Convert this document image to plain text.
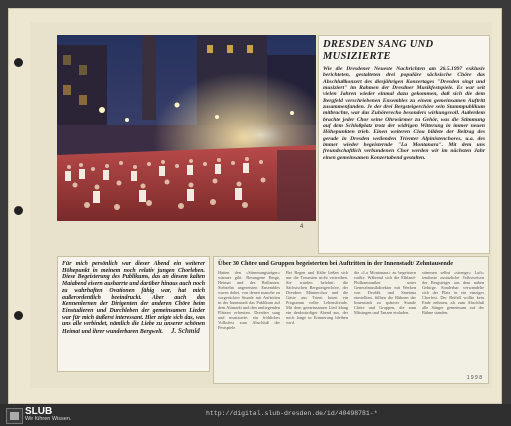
4

DRESDEN SANG UND MUSIZIERTE

Wie die Dresdener Neueste Nachrichten am 26.5.1997 exklusiv berichteten, gestalteten drei populäre sächsische Chöre das Abschlußkonzert des diesjährigen Konzertages "Dresden singt und musiziert" im Rahmen der Dresdner Musikfestspiele. Es war seit vielen Jahren wieder einmal dazu gekommen, daß sich die dem Bergfeld verschriebenen Ensembles zu einem gemeinsamen Auftritt zusammenfanden. Je der drei Bergsteigerchöre sein Stammpublikum mitbrachte, war das Zuhörerecho besonders wirkungsvoll. Außerdem brachte jeder Chor seine Ohrwürmer zu Gehör, was die Stimmung auf dem Schloßplatz trotz der widrigen Witterung in immer neuen Höhepunkten trieb. Einen weiteren Clou bildete der Beitrag des gerade in Dresden weilenden Trienter Alpinistenchores, u.a. des immer wieder begeisternde "La Montanara". Mit dem uns freundschaftlich verbundenen Chor werden wir im nächsten Jahr einen gemeinsamen Konzertabend gestalten.

Für mich persönlich war dieser Abend ein weiterer Höhepunkt in meinem noch relativ jungen Chorleben. Diese Begeisterung des Publikums, das an diesem kalten Maiabend eisern ausharrte und darüber hinaus auch noch zu wahrhaften Ovationen fähig war, hat mich außerordentlich beeindruckt. Aber auch das Kennenlernen der Dirigenten der anderen Chöre beim Einstudieren und Durchleben der gemeinsamen Lieder war für mich äußerst interessant. Hier zeigte sich das, was uns alle verbindet, nämlich die Liebe zu unserer schönen Heimat und ihrer wunderbaren Bergwelt. J. Schmid

Über 30 Chöre und Gruppen begeisterten bei Auftritten in der Innenstadt/ Zehntausende

Hatten den »Stimmungsträger« wärmer gibt. Besungene Berge, Heimat und des Brillanten. Siebzehn angereisten Ensembles waren dabei, von denen manche zu vorgerückter Stunde mit Auftritten in der Innenstadt das Publikum auf dem Altmarkt und den umliegenden Plätzen erfreuten. Dresden sang und musizierte: ein fröhliches Volksfest zum Abschluß der Festspiele.

Bei Regen und Kälte ließen sich nur die Treuesten nicht vertreiben. Sie wurden belohnt: die Sächsischen Bergsteigerchöre, der Dresdner Männerchor und die Gäste aus Trient boten ein Programm voller Lebensfreude. Mit dem gemeinsamen Lied klang ein denkwürdiger Abend aus, der noch lange in Erinnerung bleiben wird.

die »La Montanara« zu begeistern wußte. Während sich die Elbland-Philharmoniker unter Generalmusikdirektor mit Werken von Dvořák und Smetana einstellten, füllten die Bühnen der Innenstadt zu späterer Stunde Chöre und Gruppen, die zum Mitsingen und Tanzen einluden.

stimmen selbst »strenge« Luft« tendierte zusätzliche Volksweisen der Bergsteiger aus dem nahen Gebirge. Sonderbar verwandelte sich der Platz in ein einziges Chorfest. Der Beifall wollte kein Ende nehmen, als zum Abschluß alle Sänger gemeinsam auf der Bühne standen.

1 9 9 8
SLUB
Wir führen Wissen.
http://digital.slub-dresden.de/id/40498781-*
